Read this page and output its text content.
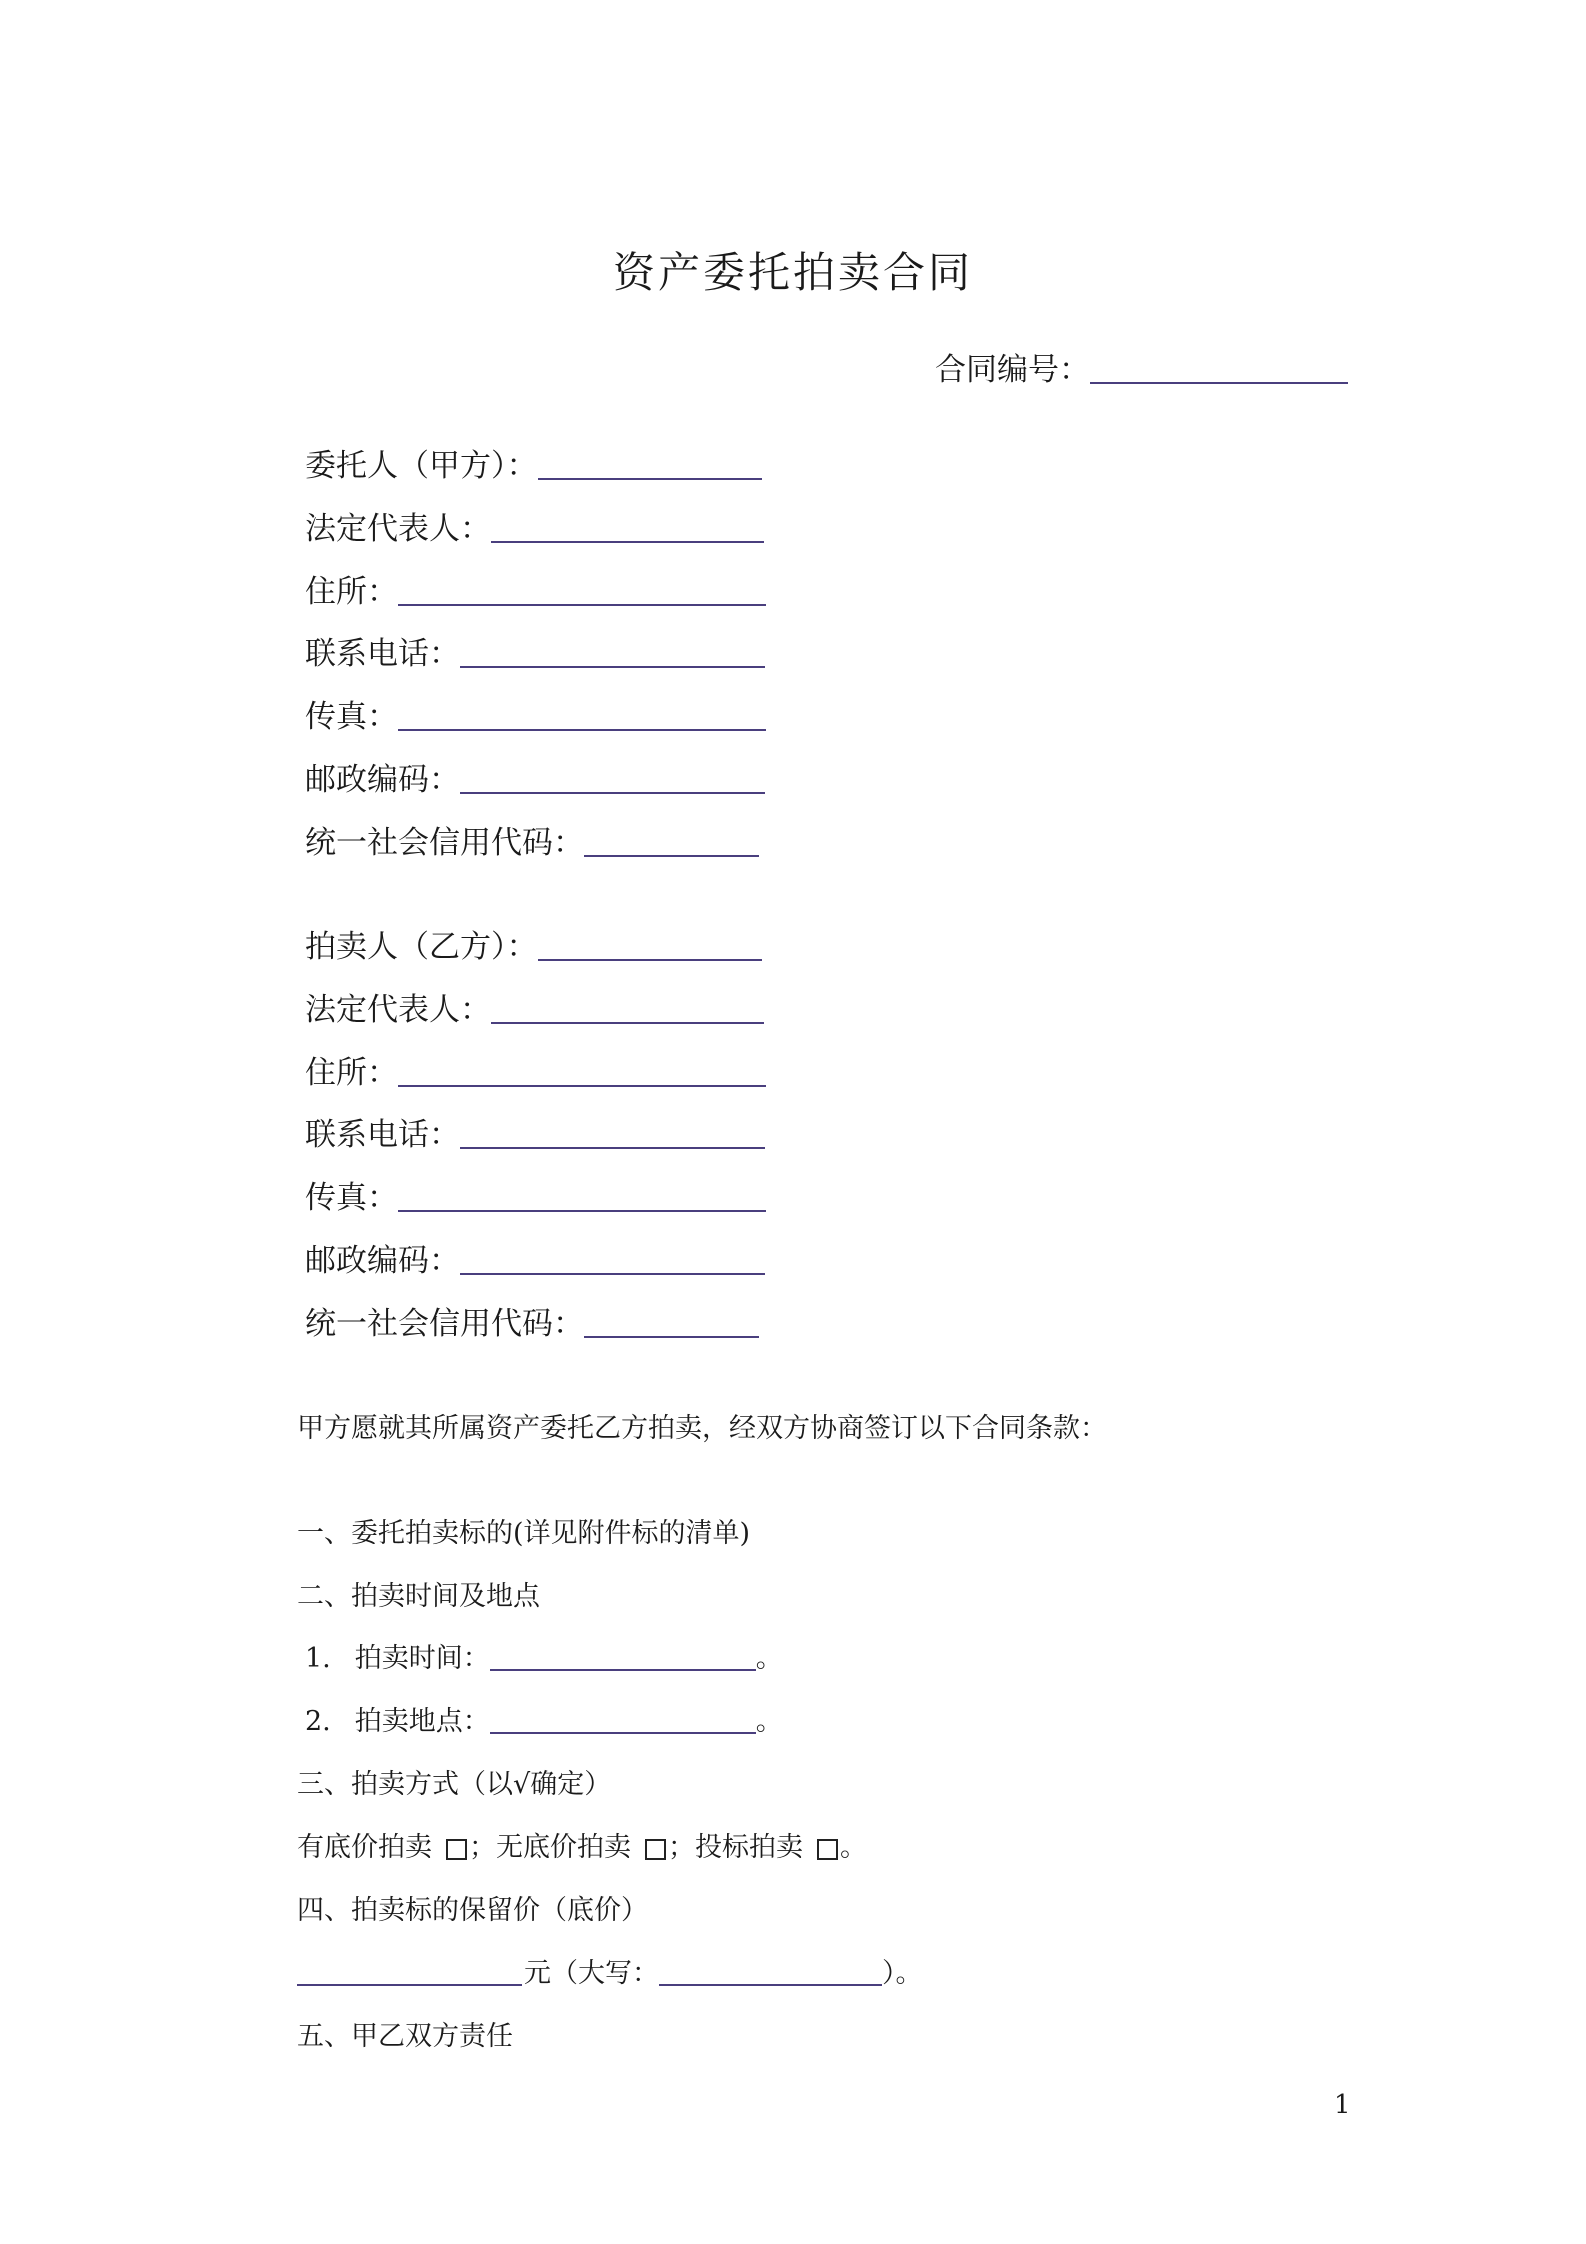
资产委托拍卖合同
合同编号：
委托人（甲方）：
法定代表人：
住所：
联系电话：
传真：
邮政编码：
统一社会信用代码：
拍卖人（乙方）：
法定代表人：
住所：
联系电话：
传真：
邮政编码：
统一社会信用代码：
甲方愿就其所属资产委托乙方拍卖，经双方协商签订以下合同条款：
一、委托拍卖标的(详见附件标的清单)
二、拍卖时间及地点
1. 拍卖时间：	。
2. 拍卖地点：	。
三、拍卖方式（以√确定）
有底价拍卖 ；无底价拍卖 ；投标拍卖 。
四、拍卖标的保留价（底价）
元（大写：	）。
五、甲乙双方责任
1
